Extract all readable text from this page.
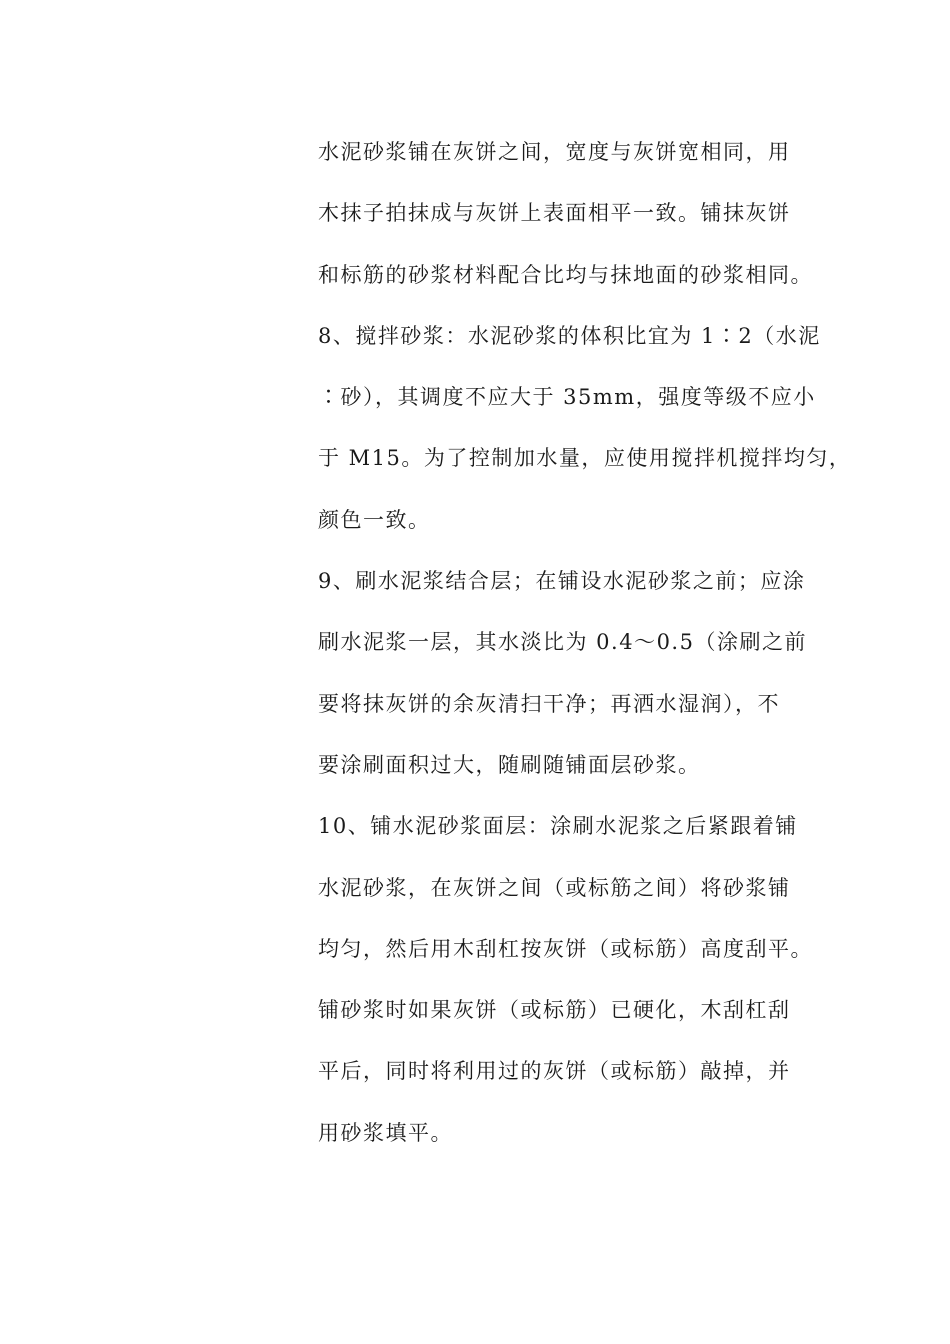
水泥砂浆铺在灰饼之间，宽度与灰饼宽相同，用
木抹子拍抹成与灰饼上表面相平一致。铺抹灰饼
和标筋的砂浆材料配合比均与抹地面的砂浆相同。
8、搅拌砂浆：水泥砂浆的体积比宜为 1∶2（水泥
∶砂），其调度不应大于 35mm，强度等级不应小
于 M15。为了控制加水量，应使用搅拌机搅拌均匀，
颜色一致。
9、刷水泥浆结合层；在铺设水泥砂浆之前；应涂
刷水泥浆一层，其水淡比为 0.4～0.5（涂刷之前
要将抹灰饼的余灰清扫干净；再洒水湿润），不
要涂刷面积过大，随刷随铺面层砂浆。
10、铺水泥砂浆面层：涂刷水泥浆之后紧跟着铺
水泥砂浆，在灰饼之间（或标筋之间）将砂浆铺
均匀，然后用木刮杠按灰饼（或标筋）高度刮平。
铺砂浆时如果灰饼（或标筋）已硬化，木刮杠刮
平后，同时将利用过的灰饼（或标筋）敲掉，并
用砂浆填平。
